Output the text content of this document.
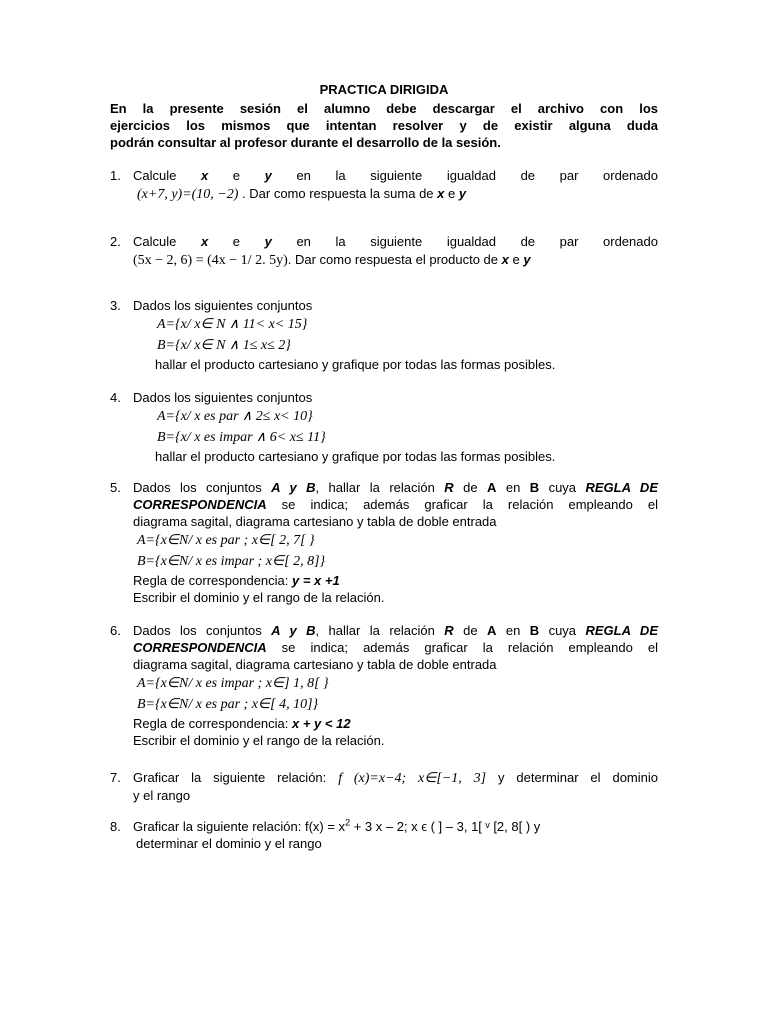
PRACTICA DIRIGIDA
En la presente sesión el alumno debe descargar el archivo con los
ejercicios los mismos que intentan resolver y de existir alguna duda
podrán consultar al profesor durante el desarrollo de la sesión.
1. Calcule x e y en la siguiente igualdad de par ordenado
(x+7, y)=(10, −2) . Dar como respuesta la suma de x e y
2. Calcule x e y en la siguiente igualdad de par ordenado
(5x − 2, 6) = (4x − 1/ 2. 5y). Dar como respuesta el producto de x e y
3. Dados los siguientes conjuntos
A={x/ x∈ N ∧ 11< x< 15}
B={x/ x∈ N ∧ 1≤ x≤ 2}
hallar el producto cartesiano y grafique por todas las formas posibles.
4. Dados los siguientes conjuntos
A={x/ x es par ∧ 2≤ x< 10}
B={x/ x es impar ∧ 6< x≤ 11}
hallar el producto cartesiano y grafique por todas las formas posibles.
5. Dados los conjuntos A y B, hallar la relación R de A en B cuya REGLA DE
CORRESPONDENCIA se indica; además graficar la relación empleando el
diagrama sagital, diagrama cartesiano y tabla de doble entrada
A={x∈N/ x es par ; x∈[ 2, 7[ }
B={x∈N/ x es impar ; x∈[ 2, 8]}
Regla de correspondencia: y = x +1
Escribir el dominio y el rango de la relación.
6. Dados los conjuntos A y B, hallar la relación R de A en B cuya REGLA DE
CORRESPONDENCIA se indica; además graficar la relación empleando el
diagrama sagital, diagrama cartesiano y tabla de doble entrada
A={x∈N/ x es impar ; x∈] 1, 8[ }
B={x∈N/ x es par ; x∈[ 4, 10]}
Regla de correspondencia: x + y < 12
Escribir el dominio y el rango de la relación.
7. Graficar la siguiente relación: f (x)=x−4; x∈[−1, 3] y determinar el dominio
y el rango
8. Graficar la siguiente relación: $f(x) = x^2 + 3$ x – 2; x ϵ ( ] – 3, 1[ ᵛ [2, 8[ ) y
determinar el dominio y el rango
